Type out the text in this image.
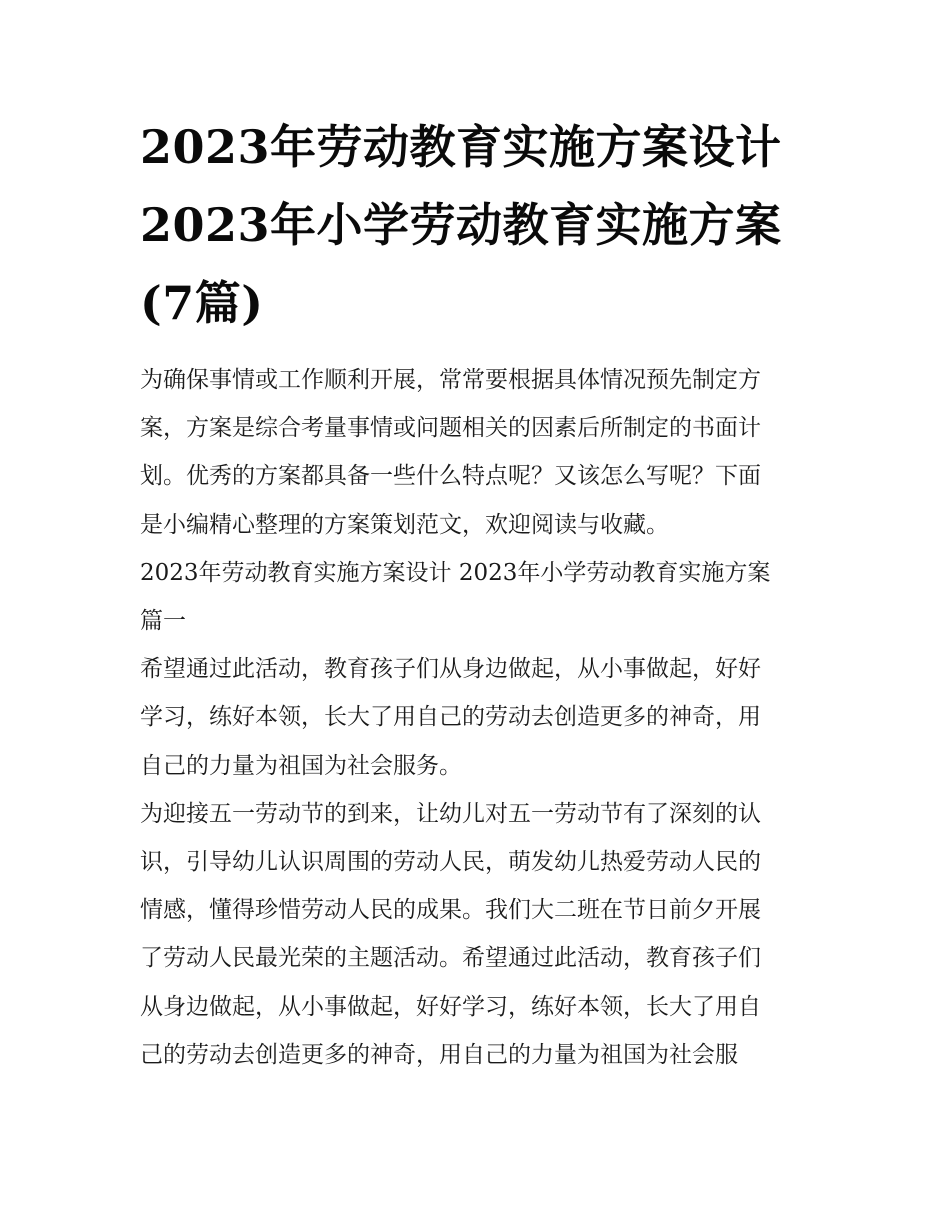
2023年劳动教育实施方案设计
2023年小学劳动教育实施方案
(7篇)

为确保事情或工作顺利开展，常常要根据具体情况预先制定方
案，方案是综合考量事情或问题相关的因素后所制定的书面计
划。优秀的方案都具备一些什么特点呢？又该怎么写呢？下面
是小编精心整理的方案策划范文，欢迎阅读与收藏。

2023年劳动教育实施方案设计 2023年小学劳动教育实施方案
篇一

希望通过此活动，教育孩子们从身边做起，从小事做起，好好
学习，练好本领，长大了用自己的劳动去创造更多的神奇，用
自己的力量为祖国为社会服务。

为迎接五一劳动节的到来，让幼儿对五一劳动节有了深刻的认
识，引导幼儿认识周围的劳动人民，萌发幼儿热爱劳动人民的
情感，懂得珍惜劳动人民的成果。我们大二班在节日前夕开展
了劳动人民最光荣的主题活动。希望通过此活动，教育孩子们
从身边做起，从小事做起，好好学习，练好本领，长大了用自
己的劳动去创造更多的神奇，用自己的力量为祖国为社会服
